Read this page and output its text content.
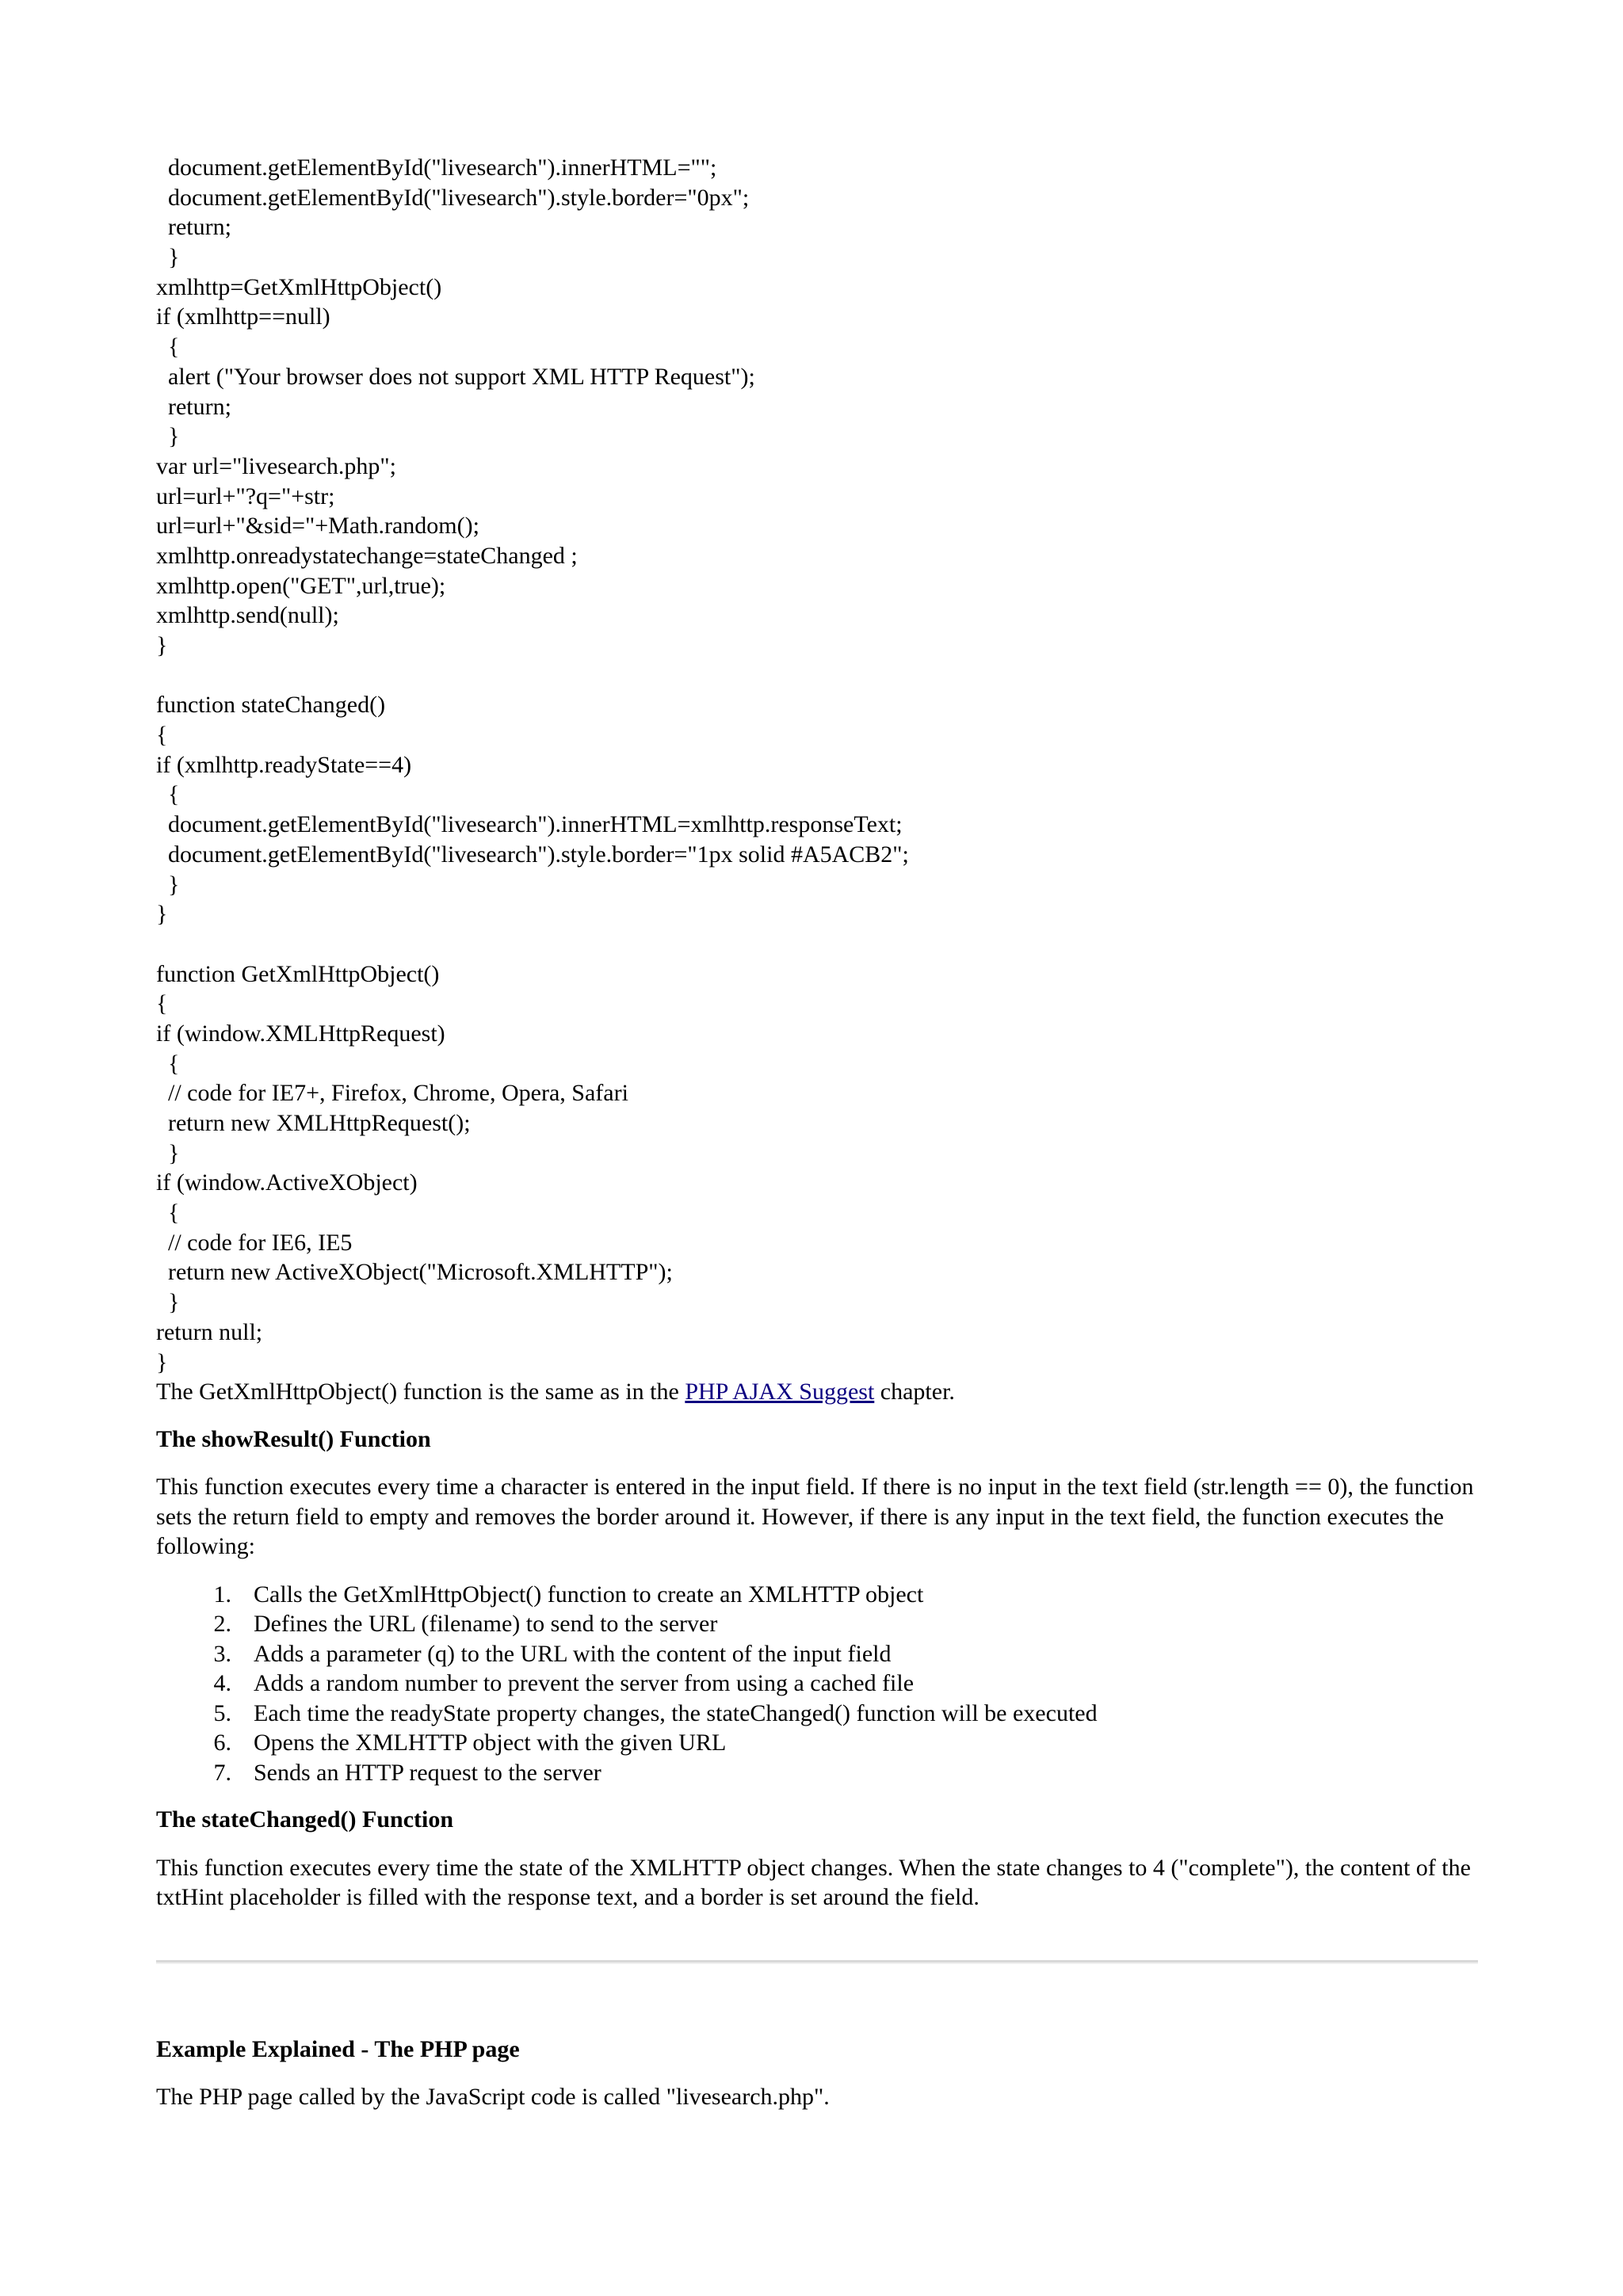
document.getElementById("livesearch").innerHTML="";
document.getElementById("livesearch").style.border="0px";
return;
}
xmlhttp=GetXmlHttpObject()
if (xmlhttp==null)
{
alert ("Your browser does not support XML HTTP Request");
return;
}
var url="livesearch.php";
url=url+"?q="+str;
url=url+"&sid="+Math.random();
xmlhttp.onreadystatechange=stateChanged ;
xmlhttp.open("GET",url,true);
xmlhttp.send(null);
}
function stateChanged()
{
if (xmlhttp.readyState==4)
{
document.getElementById("livesearch").innerHTML=xmlhttp.responseText;
document.getElementById("livesearch").style.border="1px solid #A5ACB2";
}
}
function GetXmlHttpObject()
{
if (window.XMLHttpRequest)
{
// code for IE7+, Firefox, Chrome, Opera, Safari
return new XMLHttpRequest();
}
if (window.ActiveXObject)
{
// code for IE6, IE5
return new ActiveXObject("Microsoft.XMLHTTP");
}
return null;
}

The GetXmlHttpObject() function is the same as in the PHP AJAX Suggest chapter.

The showResult() Function

This function executes every time a character is entered in the input field. If there is no input in the text field (str.length == 0), the function sets the return field to empty and removes the border around it. However, if there is any input in the text field, the function executes the following:

1. Calls the GetXmlHttpObject() function to create an XMLHTTP object
2. Defines the URL (filename) to send to the server
3. Adds a parameter (q) to the URL with the content of the input field
4. Adds a random number to prevent the server from using a cached file
5. Each time the readyState property changes, the stateChanged() function will be executed
6. Opens the XMLHTTP object with the given URL
7. Sends an HTTP request to the server
The stateChanged() Function

This function executes every time the state of the XMLHTTP object changes. When the state changes to 4 ("complete"), the content of the txtHint placeholder is filled with the response text, and a border is set around the field.

Example Explained - The PHP page

The PHP page called by the JavaScript code is called "livesearch.php".
